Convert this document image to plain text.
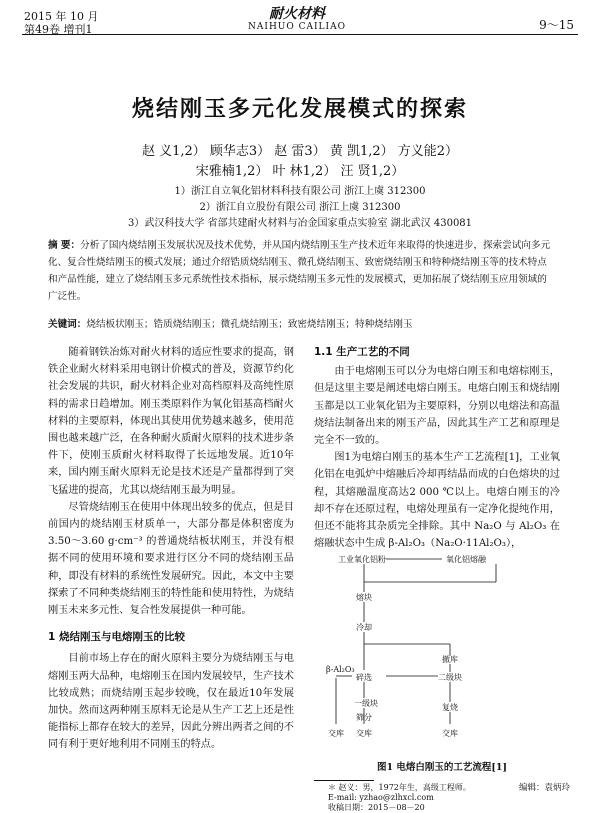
2015 年 10 月
第49卷 增刊1
耐火材料
NAIHUO CAILIAO	9～15
烧结刚玉多元化发展模式的探索
赵 义1,2） 顾华志3） 赵 雷3） 黄 凯1,2） 方义能2）
宋雅楠1,2） 叶 林1,2） 汪 贤1,2）
1）浙江自立氧化铝材料科技有限公司 浙江上虞 312300
2）浙江自立股份有限公司 浙江上虞 312300
3）武汉科技大学 省部共建耐火材料与冶金国家重点实验室 湖北武汉 430081
摘 要：分析了国内烧结刚玉发展状况及技术优势，并从国内烧结刚玉生产技术近年来取得的快速进步，探索尝试向多元化、复合性烧结刚玉的模式发展；通过介绍锆质烧结刚玉、微孔烧结刚玉、致密烧结刚玉和特种烧结刚玉等的技术特点和产品性能，建立了烧结刚玉多元系统性技术指标，展示烧结刚玉多元性的发展模式，更加拓展了烧结刚玉应用领域的广泛性。
关键词：烧结板状刚玉；锆质烧结刚玉；微孔烧结刚玉；致密烧结刚玉；特种烧结刚玉

随着钢铁冶炼对耐火材料的适应性要求的提高，钢铁企业耐火材料采用电钢计价模式的普及，资源节约化社会发展的共识，耐火材料企业对高档原料及高纯性原料的需求日趋增加。刚玉类原料作为氧化铝基高档耐火材料的主要原料，体现出其使用优势越来越多，使用范围也越来越广泛，在各种耐火质耐火原料的技术进步条件下，使刚玉质耐火材料取得了长远地发展。近10年来，国内刚玉耐火原料无论是技术还是产量都得到了突飞猛进的提高，尤其以烧结刚玉最为明显。

尽管烧结刚玉在使用中体现出较多的优点，但是目前国内的烧结刚玉材质单一，大部分都是体积密度为 3.50～3.60 g·cm⁻³ 的普通烧结板状刚玉，并没有根据不同的使用环境和要求进行区分不同的烧结刚玉品种，即没有材料的系统性发展研究。因此，本文中主要探索了不同种类烧结刚玉的特性能和使用特性，为烧结刚玉未来多元性、复合性发展提供一种可能。

1 烧结刚玉与电熔刚玉的比较

目前市场上存在的耐火原料主要分为烧结刚玉与电熔刚玉两大品种，电熔刚玉在国内发展较早，生产技术比较成熟；而烧结刚玉起步较晚，仅在最近10年发展加快。然而这两种刚玉原料无论是从生产工艺上还是性能指标上都存在较大的差异，因此分辨出两者之间的不同有利于更好地利用不同刚玉的特点。

1.1 生产工艺的不同

由于电熔刚玉可以分为电熔白刚玉和电熔棕刚玉，但是这里主要是阐述电熔白刚玉。电熔白刚玉和烧结刚玉都是以工业氧化铝为主要原料，分别以电熔法和高温烧结法制备出来的刚玉产品，因此其生产工艺和原理是完全不一致的。

图1为电熔白刚玉的基本生产工艺流程[1]，工业氧化铝在电弧炉中熔融后冷却再结晶而成的白色熔块的过程，其熔融温度高达2 000 ℃以上。电熔白刚玉的冷却不存在还原过程，电熔处理虽有一定净化提纯作用，但还不能将其杂质完全排除。其中 Na₂O 与 Al₂O₃ 在熔融状态中生成 β-Al₂O₃（Na₂O·11Al₂O₃），

工业氧化铝粉	氧化铝熔融
熔块
冷却
撤库
β-Al₂O₃
碎选	二级块
一级块	复烧
筛分
交库 交库	交库
图1 电熔白刚玉的工艺流程[1]
＊ 赵义：男，1972年生，高级工程师。
E-mail: yzhao@zlhxcl.com
收稿日期：2015－08－20
编辑：袁炳玲
